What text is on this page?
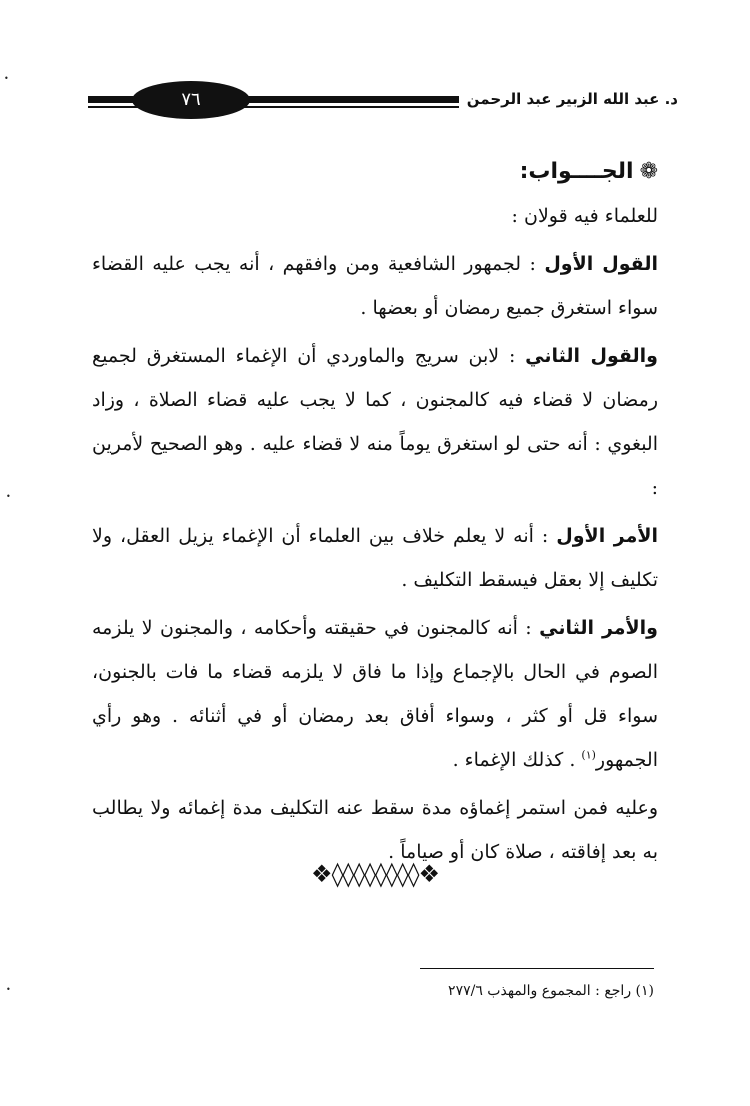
٧٦	د. عبد الله الزبير عبد الرحمن
❁الجــــواب:

للعلماء فيه قولان :

القول الأول : لجمهور الشافعية ومن وافقهم ، أنه يجب عليه القضاء سواء استغرق جميع رمضان أو بعضها .

والقول الثاني : لابن سريج والماوردي أن الإغماء المستغرق لجميع رمضان لا قضاء فيه كالمجنون ، كما لا يجب عليه قضاء الصلاة ، وزاد البغوي : أنه حتى لو استغرق يوماً منه لا قضاء عليه . وهو الصحيح لأمرين :

الأمر الأول : أنه لا يعلم خلاف بين العلماء أن الإغماء يزيل العقل، ولا تكليف إلا بعقل فيسقط التكليف .

والأمر الثاني : أنه كالمجنون في حقيقته وأحكامه ، والمجنون لا يلزمه الصوم في الحال بالإجماع وإذا ما فاق لا يلزمه قضاء ما فات بالجنون، سواء قل أو كثر ، وسواء أفاق بعد رمضان أو في أثنائه . وهو رأي الجمهور$^{(١)}$ . كذلك الإغماء .

وعليه فمن استمر إغماؤه مدة سقط عنه التكليف مدة إغمائه ولا يطالب به بعد إفاقته ، صلاة كان أو صياماً .

❖◊◊◊◊◊◊◊◊❖
(١) راجع : المجموع والمهذب ٢٧٧/٦
•
•
•
